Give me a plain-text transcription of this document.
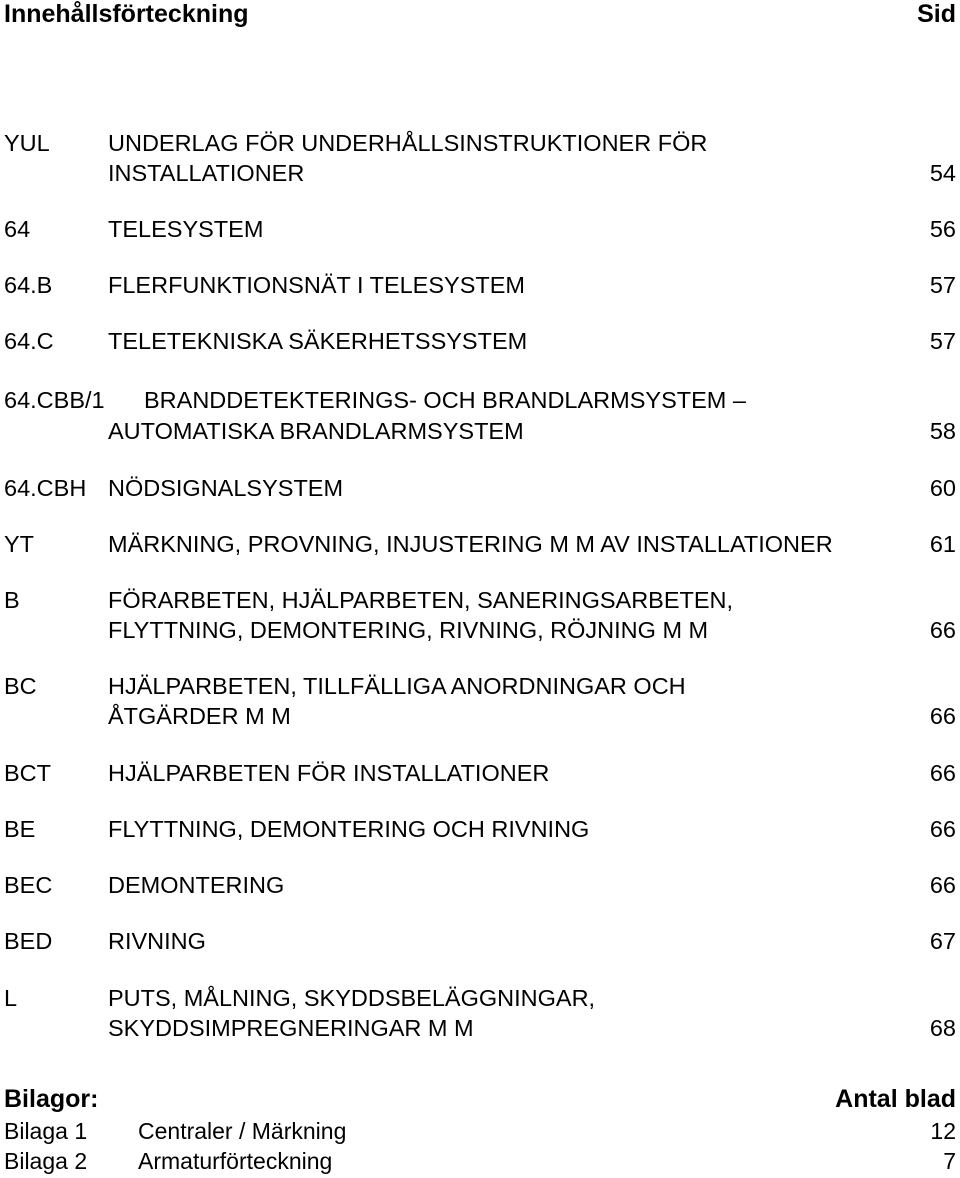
Innehållsförteckning	Sid
YUL UNDERLAG FÖR UNDERHÅLLSINSTRUKTIONER FÖR
INSTALLATIONER	54
64	TELESYSTEM	56
64.B FLERFUNKTIONSNÄT I TELESYSTEM	57
64.C TELETEKNISKA SÄKERHETSSYSTEM	57
64.CBB/1 BRANDDETEKTERINGS- OCH BRANDLARMSYSTEM –
AUTOMATISKA BRANDLARMSYSTEM	58
64.CBH NÖDSIGNALSYSTEM	60
YT	MÄRKNING, PROVNING, INJUSTERING M M AV INSTALLATIONER	61
B	FÖRARBETEN, HJÄLPARBETEN, SANERINGSARBETEN,
FLYTTNING, DEMONTERING, RIVNING, RÖJNING M M	66
BC	HJÄLPARBETEN, TILLFÄLLIGA ANORDNINGAR OCH
ÅTGÄRDER M M	66
BCT HJÄLPARBETEN FÖR INSTALLATIONER	66
BE	FLYTTNING, DEMONTERING OCH RIVNING	66
BEC DEMONTERING	66
BED RIVNING	67
L	PUTS, MÅLNING, SKYDDSBELÄGGNINGAR,
SKYDDSIMPREGNERINGAR M M	68
Bilagor:	Antal blad
Bilaga 1 Centraler / Märkning	12
Bilaga 2 Armaturförteckning	7
